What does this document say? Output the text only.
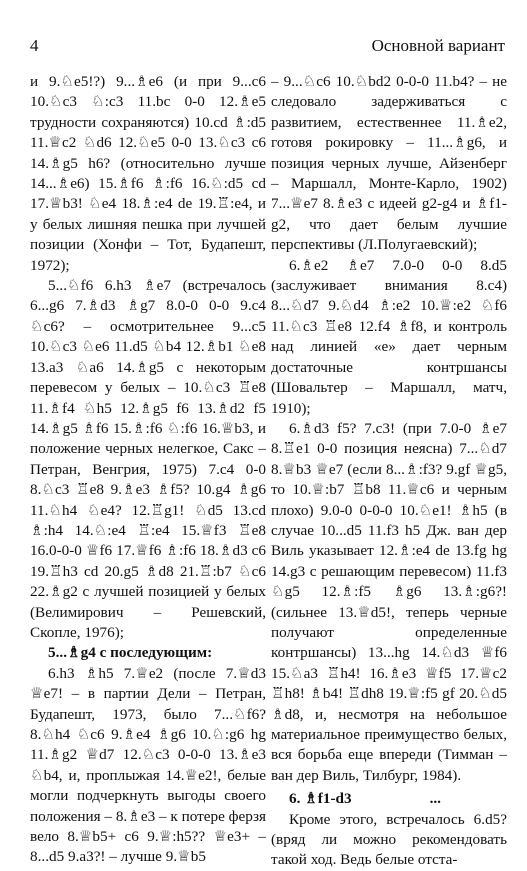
4	Основной вариант

и 9.♘e5!?) 9...♗e6 (и при 9...c6 10.♘c3 ♘:c3 11.bc 0-0 12.♗e5 трудности сохраняются) 10.cd ♗:d5 11.♕c2 ♘d6 12.♘e5 0-0 13.♘c3 c6 14.♗g5 h6? (относительно лучше 14...♗e6) 15.♗f6 ♗:f6 16.♘:d5 cd 17.♕b3! ♘e4 18.♗:e4 de 19.♖:e4, и у белых лишняя пешка при лучшей позиции (Хонфи – Тот, Будапешт, 1972);

5...♘f6 6.h3 ♗e7 (встречалось 6...g6 7.♗d3 ♗g7 8.0-0 0-0 9.c4 ♘c6? – осмотрительнее 9...c5 10.♘c3 ♘e6 11.d5 ♘b4 12.♗b1 ♘e8 13.a3 ♘a6 14.♗g5 с некоторым перевесом у белых – 10.♘c3 ♖e8 11.♗f4 ♘h5 12.♗g5 f6 13.♗d2 f5 14.♗g5 ♗f6 15.♗:f6 ♘:f6 16.♕b3, и положение черных нелегкое, Сакс – Петран, Венгрия, 1975) 7.c4 0-0 8.♘c3 ♖e8 9.♗e3 ♗f5? 10.g4 ♗g6 11.♘h4 ♘e4? 12.♖g1! ♘d5 13.cd ♗:h4 14.♘:e4 ♖:e4 15.♕f3 ♖e8 16.0-0-0 ♕f6 17.♕f6 ♗:f6 18.♗d3 c6 19.♖h3 cd 20.g5 ♗d8 21.♖:b7 ♘c6 22.♗g2 с лучшей позицией у белых (Велимирович – Решевский, Скопле, 1976);

5...♗g4 с последующим:

6.h3 ♗h5 7.♕e2 (после 7.♕d3 ♕e7! – в партии Дели – Петран, Будапешт, 1973, было 7...♘f6? 8.♘h4 ♘c6 9.♗e4 ♗g6 10.♘:g6 hg 11.♗g2 ♕d7 12.♘c3 0-0-0 13.♗e3 ♘b4, и, проплыжая 14.♕e2!, белые могли подчеркнуть выгоды своего положения – 8.♗e3 – к потере ферзя вело 8.♕b5+ c6 9.♕:h5?? ♕e3+ – 8...d5 9.a3?! – лучше 9.♕b5

– 9...♘c6 10.♘bd2 0-0-0 11.b4? – не следовало задерживаться с развитием, естественнее 11.♗e2, готовя рокировку – 11...♗g6, и позиция черных лучше, Айзенберг – Маршалл, Монте-Карло, 1902) 7...♕e7 8.♗e3 c идеей g2-g4 и ♗f1-g2, что дает белым лучшие перспективы (Л.Полугаевский);

6.♗e2 ♗e7 7.0-0 0-0 8.d5 (заслуживает внимания 8.c4) 8...♘d7 9.♘d4 ♗:e2 10.♕:e2 ♘f6 11.♘c3 ♖e8 12.f4 ♗f8, и контроль над линией «e» дает черным достаточные контршансы (Шовальтер – Маршалл, матч, 1910);

6.♗d3 f5? 7.c3! (при 7.0-0 ♗e7 8.♖e1 0-0 позиция неясна) 7...♘d7 8.♕b3 ♕e7 (если 8...♗:f3? 9.gf ♕g5, то 10.♕:b7 ♖b8 11.♕c6 и черным плохо) 9.0-0 0-0-0 10.♘e1! ♗h5 (в случае 10...d5 11.f3 h5 Дж. ван дер Виль указывает 12.♗:e4 de 13.fg hg 14.g3 с решающим перевесом) 11.f3 ♘g5 12.♗:f5 ♗g6 13.♗:g6?! (сильнее 13.♕d5!, теперь черные получают определенные контршансы) 13...hg 14.♘d3 ♕f6 15.♘a3 ♖h4! 16.♗e3 ♕f5 17.♕c2 ♖h8! ♗b4! ♖dh8 19.♕:f5 gf 20.♘d5 ♗d8, и, несмотря на небольшое материальное преимущество белых, вся борьба еще впереди (Тимман – ван дер Виль, Тилбург, 1984).

6. ♗f1-d3	...

Кроме этого, встречалось 6.d5? (вряд ли можно рекомендовать такой ход. Ведь белые отста-
